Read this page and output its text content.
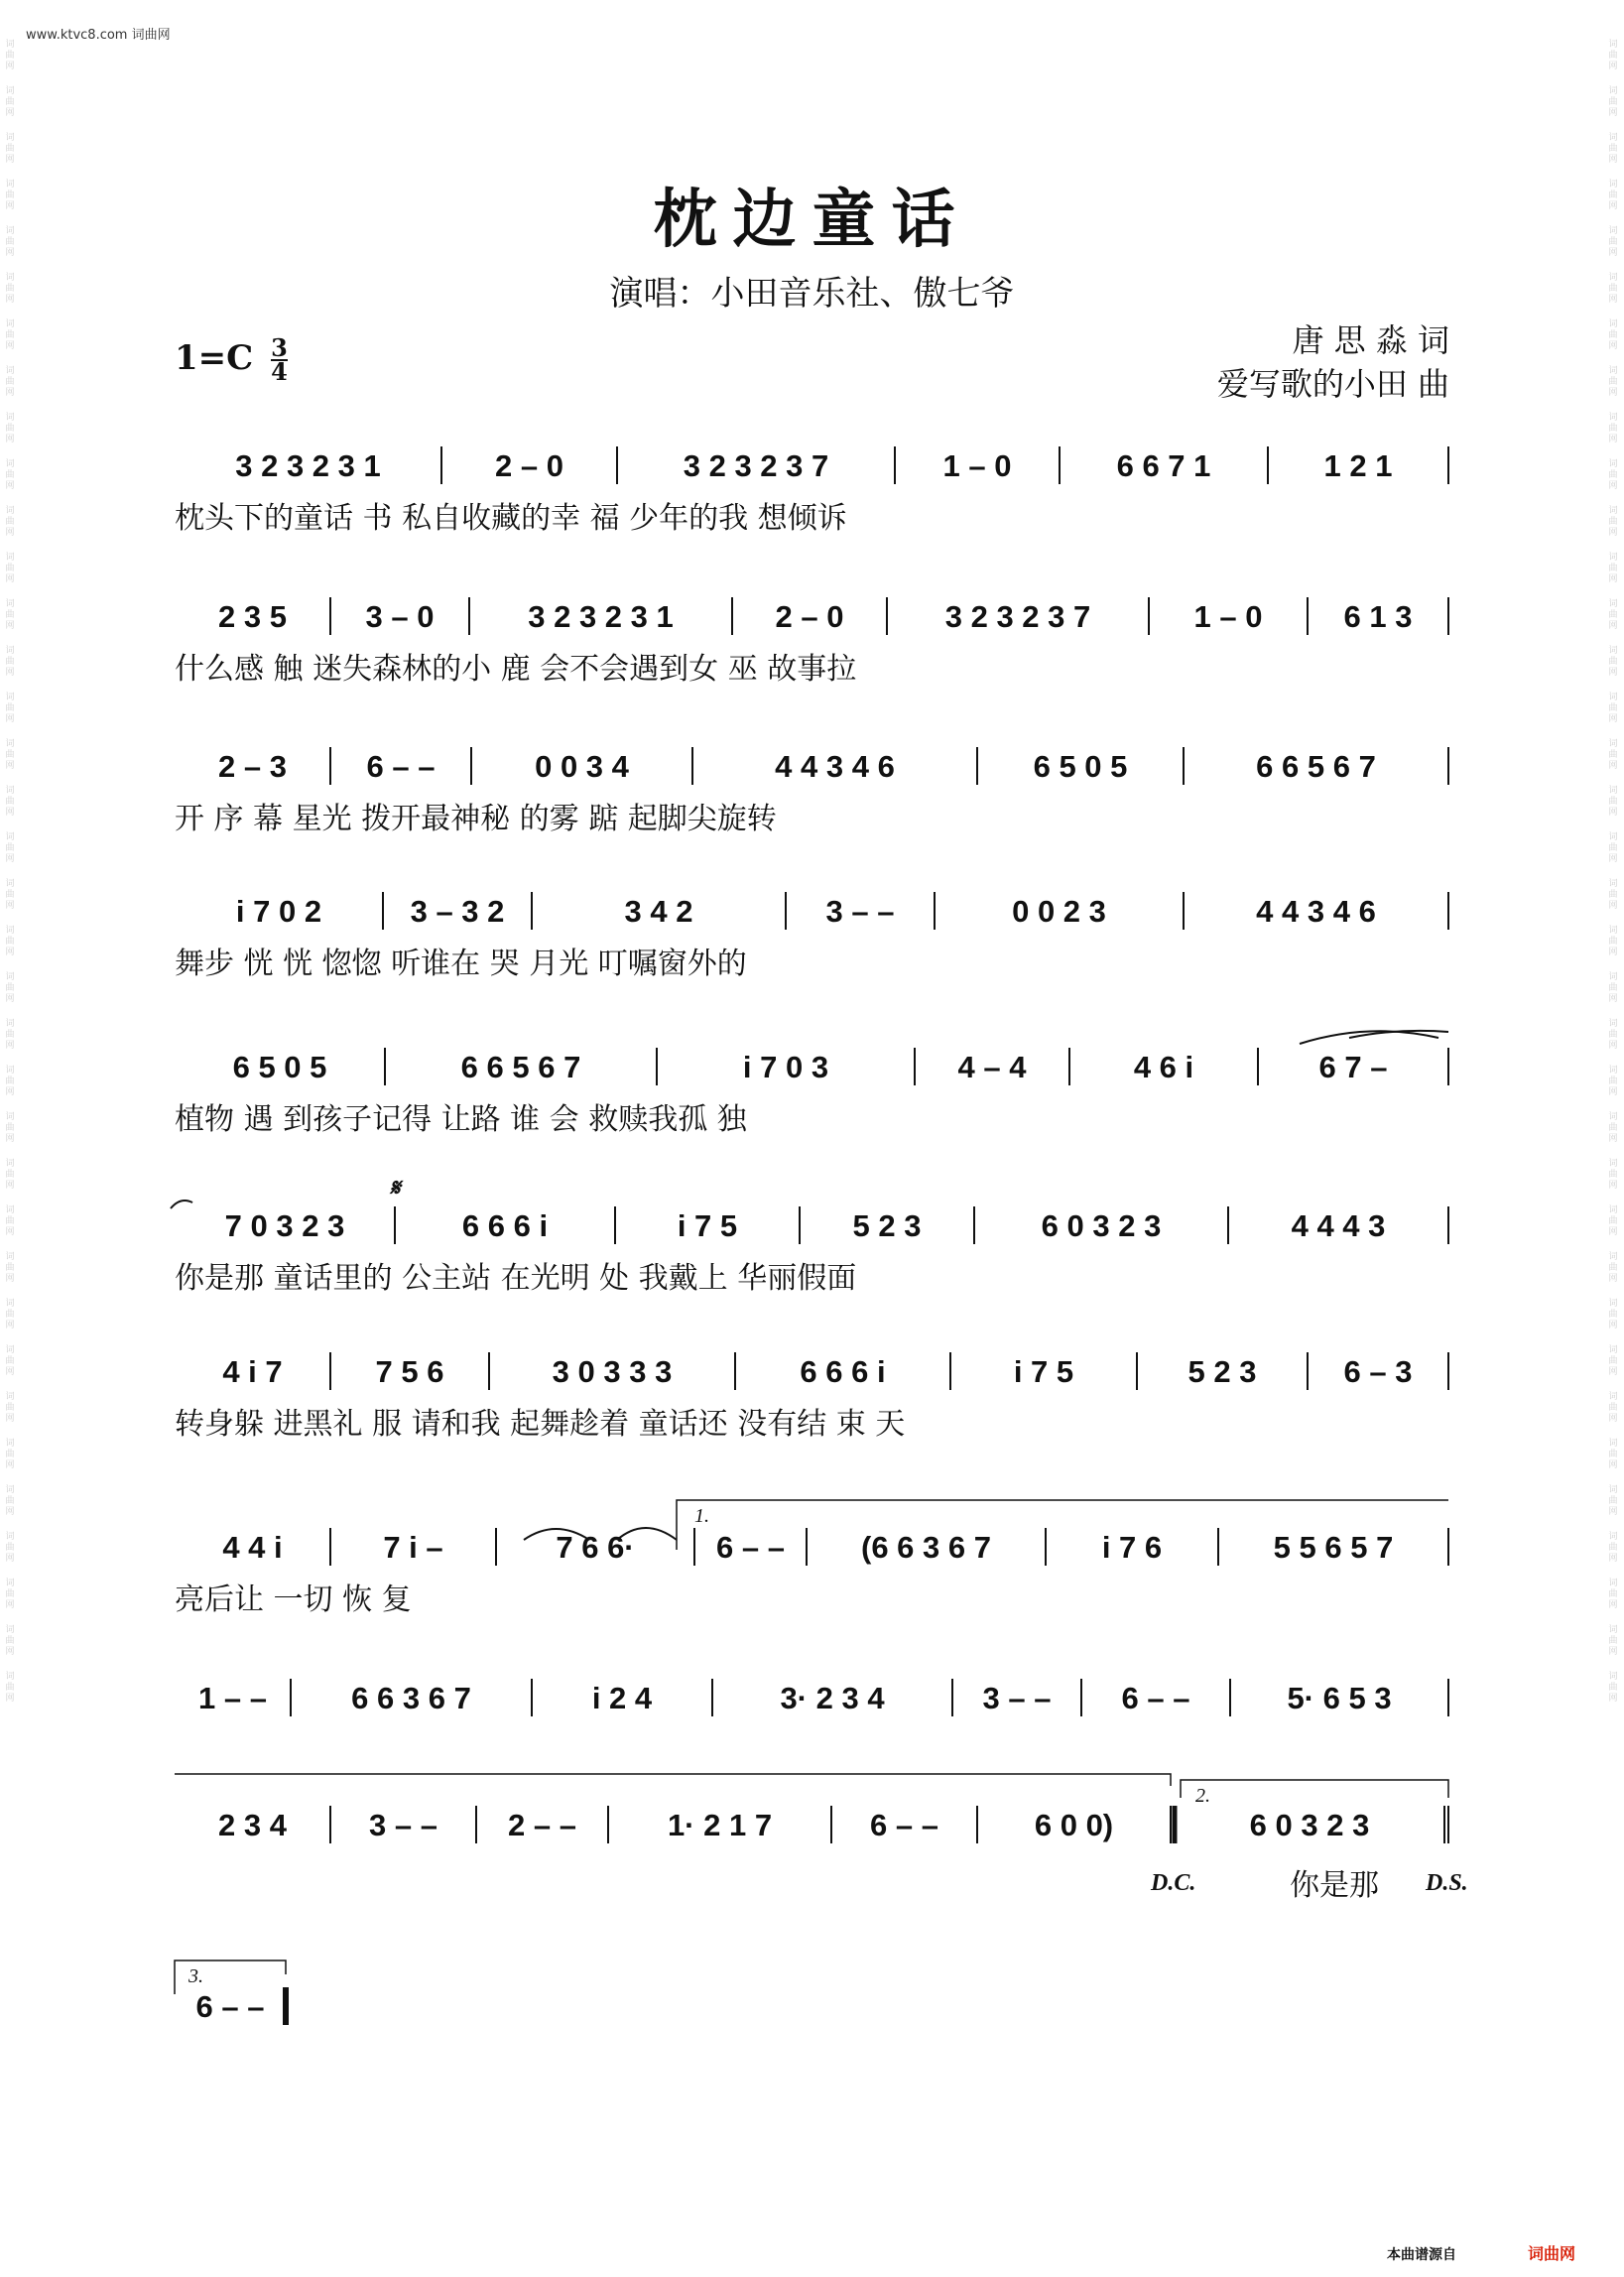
www.ktvc8.com 词曲网
词曲网
词曲网
词曲网
词曲网
词曲网
词曲网
词曲网
词曲网
词曲网
词曲网
词曲网
词曲网
词曲网
词曲网
词曲网
词曲网
词曲网
词曲网
词曲网
词曲网
词曲网
词曲网
词曲网
词曲网
词曲网
词曲网
词曲网
词曲网
词曲网
词曲网
词曲网
词曲网
词曲网
词曲网
词曲网
词曲网
词曲网
词曲网
词曲网
词曲网
词曲网
词曲网
词曲网
词曲网
词曲网
词曲网
词曲网
词曲网
词曲网
词曲网
词曲网
词曲网
词曲网
词曲网
词曲网
词曲网
词曲网
词曲网
词曲网
词曲网
词曲网
词曲网
词曲网
词曲网
词曲网
词曲网
词曲网
词曲网
词曲网
词曲网
词曲网
词曲网
枕边童话
演唱：小田音乐社、傲七爷
唐 思 淼 词
爱写歌的小田 曲
$1=C \frac{3}{4}$
3 2 3 2 3 1	2 – 0	3 2 3 2 3 7	1 – 0	6 6 7 1	1 2 1
枕头下的童话 书 私自收藏的幸 福 少年的我 想倾诉
2 3 5	3 – 0	3 2 3 2 3 1	2 – 0	3 2 3 2 3 7	1 – 0	6 1 3
什么感 触 迷失森林的小 鹿 会不会遇到女 巫 故事拉
2 – 3	6 – –	0 0 3 4	4 4 3 4 6	6 5 0 5	6 6 5 6 7
开 序 幕 星光 拨开最神秘 的雾 踮 起脚尖旋转
i 7 0 2	3 – 3 2	3 4 2	3 – –	0 0 2 3	4 4 3 4 6
舞步 恍 恍 惚惚 听谁在 哭 月光 叮嘱窗外的
6 5 0 5	6 6 5 6 7	i 7 0 3	4 – 4	4 6 i	6 7 –
植物 遇 到孩子记得 让路 谁 会 救赎我孤 独
7 0 3 2 3	6 6 6 i	i 7 5	5 2 3	6 0 3 2 3	4 4 4 3
你是那 童话里的 公主站 在光明 处 我戴上 华丽假面
4 i 7	7 5 6	3 0 3 3 3	6 6 6 i	i 7 5	5 2 3	6 – 3
转身躲 进黑礼 服 请和我 起舞趁着 童话还 没有结 束 天
4 4 i	7 i –	7 6 6·	6 – – (6 6 3 6 7	i 7 6	5 5 6 5 7
亮后让 一切 恢 复
1 – –	6 6 3 6 7	i 2 4	3· 2 3 4	3 – – 6 – –	5· 6 5 3
2 3 4	3 – – 2 – –	1· 2 1 7	6 – –	6 0 0)	6 0 3 2 3
你是那
6 – –
𝄋
D.C.	D.S.
1.
2.
3.
本曲谱源自	词曲网
